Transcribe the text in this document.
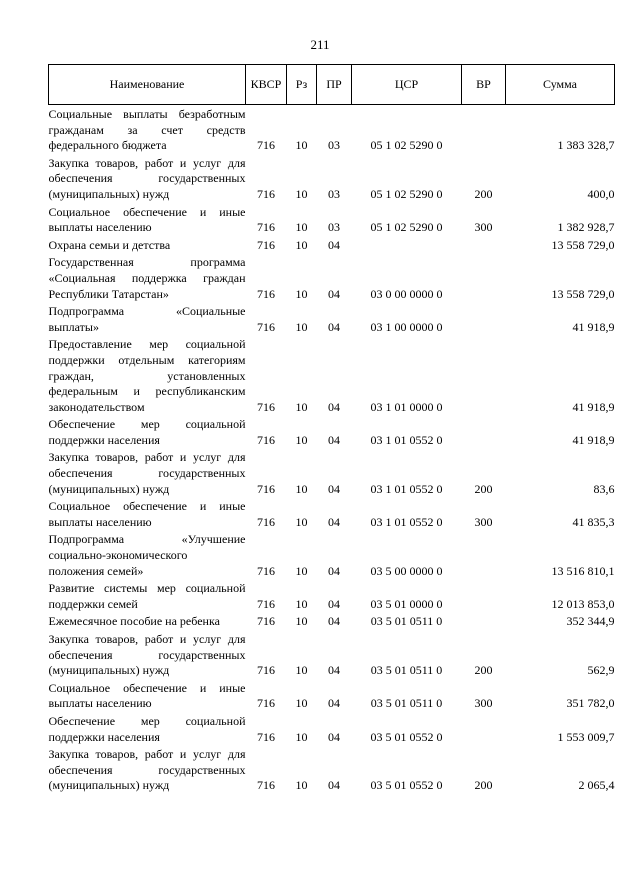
211
Наименование	КВСР	Рз	ПР	ЦСР	ВР	Сумма
Социальные выплаты безработным гражданам за счет средств федерального бюджета	716	10	03	05 1 02 5290 0		1 383 328,7
Закупка товаров, работ и услуг для обеспечения государственных (муниципальных) нужд	716	10	03	05 1 02 5290 0	200	400,0
Социальное обеспечение и иные выплаты населению	716	10	03	05 1 02 5290 0	300	1 382 928,7
Охрана семьи и детства	716	10	04			13 558 729,0
Государственная программа «Социальная поддержка граждан Республики Татарстан»	716	10	04	03 0 00 0000 0		13 558 729,0
Подпрограмма «Социальные выплаты»	716	10	04	03 1 00 0000 0		41 918,9
Предоставление мер социальной поддержки отдельным категориям граждан, установленных федеральным и республиканским законодательством	716	10	04	03 1 01 0000 0		41 918,9
Обеспечение мер социальной поддержки населения	716	10	04	03 1 01 0552 0		41 918,9
Закупка товаров, работ и услуг для обеспечения государственных (муниципальных) нужд	716	10	04	03 1 01 0552 0	200	83,6
Социальное обеспечение и иные выплаты населению	716	10	04	03 1 01 0552 0	300	41 835,3
Подпрограмма «Улучшение социально-экономического положения семей»	716	10	04	03 5 00 0000 0		13 516 810,1
Развитие системы мер социальной поддержки семей	716	10	04	03 5 01 0000 0		12 013 853,0
Ежемесячное пособие на ребенка	716	10	04	03 5 01 0511 0		352 344,9
Закупка товаров, работ и услуг для обеспечения государственных (муниципальных) нужд	716	10	04	03 5 01 0511 0	200	562,9
Социальное обеспечение и иные выплаты населению	716	10	04	03 5 01 0511 0	300	351 782,0
Обеспечение мер социальной поддержки населения	716	10	04	03 5 01 0552 0		1 553 009,7
Закупка товаров, работ и услуг для обеспечения государственных (муниципальных) нужд	716	10	04	03 5 01 0552 0	200	2 065,4
